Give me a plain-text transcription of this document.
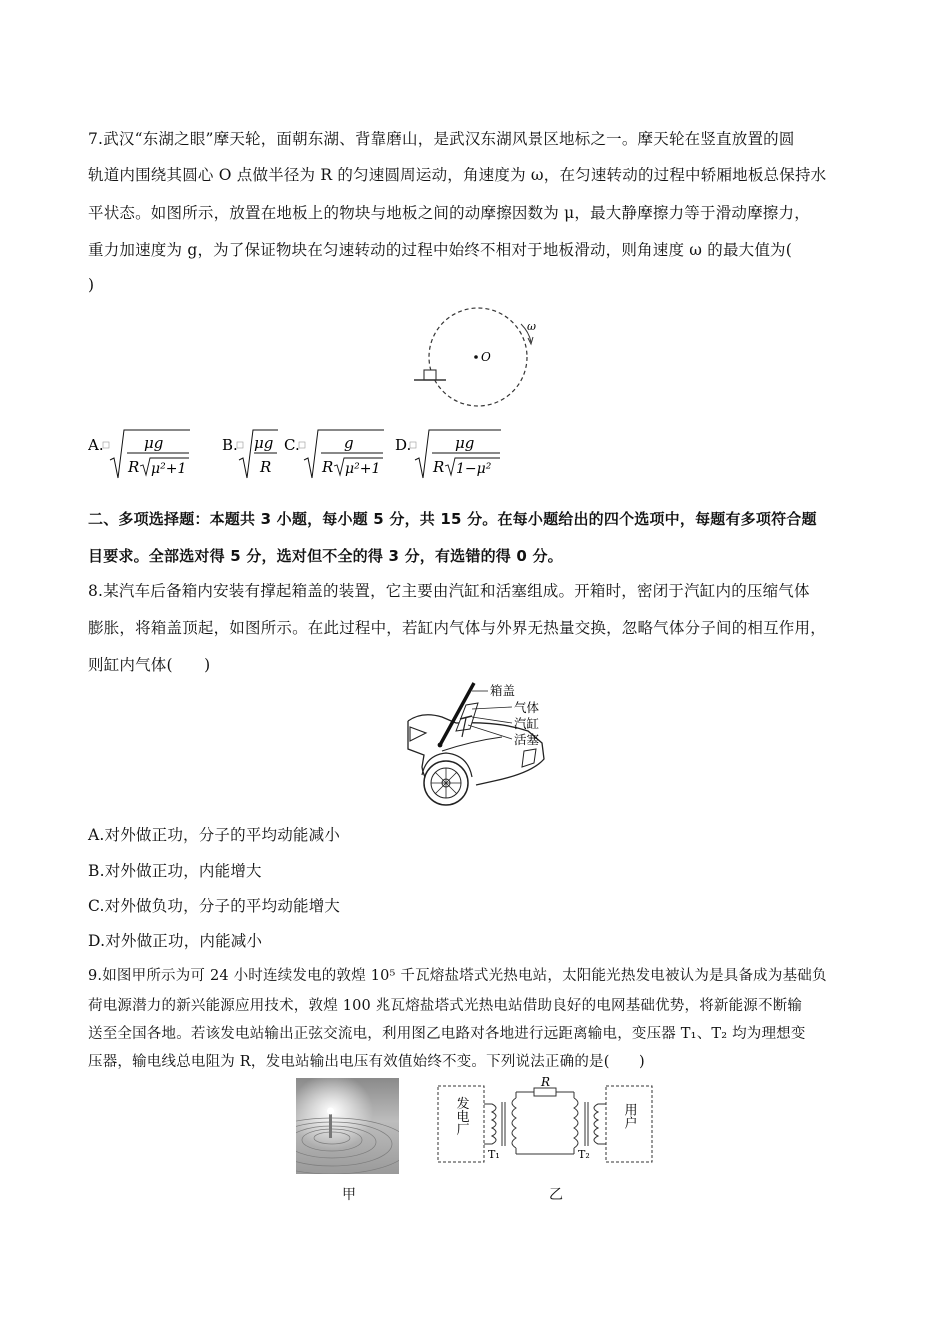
7.武汉“东湖之眼”摩天轮，面朝东湖、背靠磨山，是武汉东湖风景区地标之一。摩天轮在竖直放置的圆
轨道内围绕其圆心 O 点做半径为 R 的匀速圆周运动，角速度为 ω，在匀速转动的过程中轿厢地板总保持水
平状态。如图所示，放置在地板上的物块与地板之间的动摩擦因数为 μ，最大静摩擦力等于滑动摩擦力，
重力加速度为 g，为了保证物块在匀速转动的过程中始终不相对于地板滑动，则角速度 ω 的最大值为(
)
O
ω
A.	μg
R μ²+1
B. μg
R
C.	g
R μ²+1
D.	μg
R 1−μ²
二、多项选择题：本题共 3 小题，每小题 5 分，共 15 分。在每小题给出的四个选项中，每题有多项符合题
目要求。全部选对得 5 分，选对但不全的得 3 分，有选错的得 0 分。
8.某汽车后备箱内安装有撑起箱盖的装置，它主要由汽缸和活塞组成。开箱时，密闭于汽缸内的压缩气体
膨胀，将箱盖顶起，如图所示。在此过程中，若缸内气体与外界无热量交换，忽略气体分子间的相互作用，
则缸内气体(　　)
箱盖
气体
汽缸
活塞
A.对外做正功，分子的平均动能减小
B.对外做正功，内能增大
C.对外做负功，分子的平均动能增大
D.对外做正功，内能减小
9.如图甲所示为可 24 小时连续发电的敦煌 10⁵ 千瓦熔盐塔式光热电站，太阳能光热发电被认为是具备成为基础负
荷电源潜力的新兴能源应用技术，敦煌 100 兆瓦熔盐塔式光热电站借助良好的电网基础优势，将新能源不断输
送至全国各地。若该发电站输出正弦交流电，利用图乙电路对各地进行远距离输电，变压器 T₁、T₂ 均为理想变
压器，输电线总电阻为 R，发电站输出电压有效值始终不变。下列说法正确的是(　　)
甲
发电厂	用户
R
T₁	T₂
乙
